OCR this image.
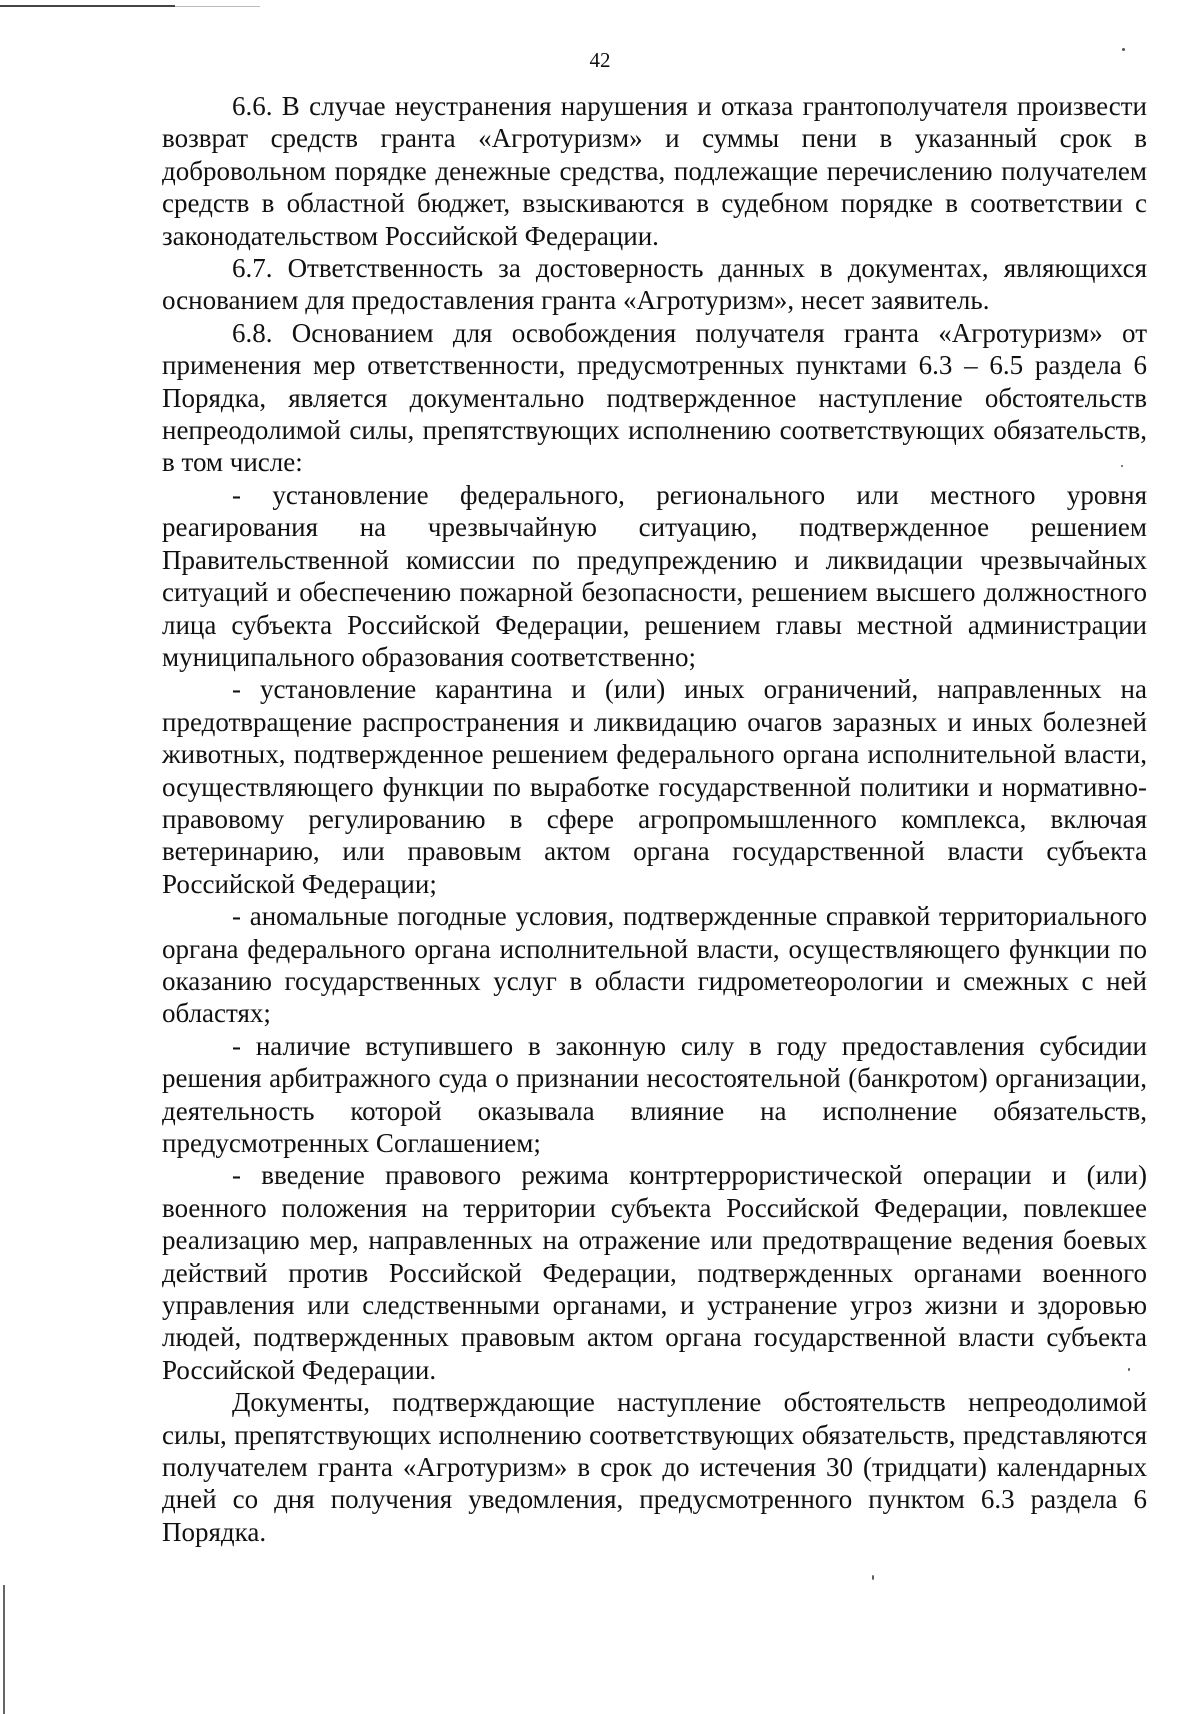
42

6.6. В случае неустранения нарушения и отказа грантополучателя произвести возврат средств гранта «Агротуризм» и суммы пени в указанный срок в добровольном порядке денежные средства, подлежащие перечислению получателем средств в областной бюджет, взыскиваются в судебном порядке в соответствии с законодательством Российской Федерации.

6.7. Ответственность за достоверность данных в документах, являющихся основанием для предоставления гранта «Агротуризм», несет заявитель.

6.8. Основанием для освобождения получателя гранта «Агротуризм» от применения мер ответственности, предусмотренных пунктами 6.3 – 6.5 раздела 6 Порядка, является документально подтвержденное наступление обстоятельств непреодолимой силы, препятствующих исполнению соответствующих обязательств, в том числе:

- установление федерального, регионального или местного уровня реагирования на чрезвычайную ситуацию, подтвержденное решением Правительственной комиссии по предупреждению и ликвидации чрезвычайных ситуаций и обеспечению пожарной безопасности, решением высшего должностного лица субъекта Российской Федерации, решением главы местной администрации муниципального образования соответственно;

- установление карантина и (или) иных ограничений, направленных на предотвращение распространения и ликвидацию очагов заразных и иных болезней животных, подтвержденное решением федерального органа исполнительной власти, осуществляющего функции по выработке государственной политики и нормативно-правовому регулированию в сфере агропромышленного комплекса, включая ветеринарию, или правовым актом органа государственной власти субъекта Российской Федерации;

- аномальные погодные условия, подтвержденные справкой территориального органа федерального органа исполнительной власти, осуществляющего функции по оказанию государственных услуг в области гидрометеорологии и смежных с ней областях;

- наличие вступившего в законную силу в году предоставления субсидии решения арбитражного суда о признании несостоятельной (банкротом) организации, деятельность которой оказывала влияние на исполнение обязательств, предусмотренных Соглашением;

- введение правового режима контртеррористической операции и (или) военного положения на территории субъекта Российской Федерации, повлекшее реализацию мер, направленных на отражение или предотвращение ведения боевых действий против Российской Федерации, подтвержденных органами военного управления или следственными органами, и устранение угроз жизни и здоровью людей, подтвержденных правовым актом органа государственной власти субъекта Российской Федерации.

Документы, подтверждающие наступление обстоятельств непреодолимой силы, препятствующих исполнению соответствующих обязательств, представляются получателем гранта «Агротуризм» в срок до истечения 30 (тридцати) календарных дней со дня получения уведомления, предусмотренного пунктом 6.3 раздела 6 Порядка.
